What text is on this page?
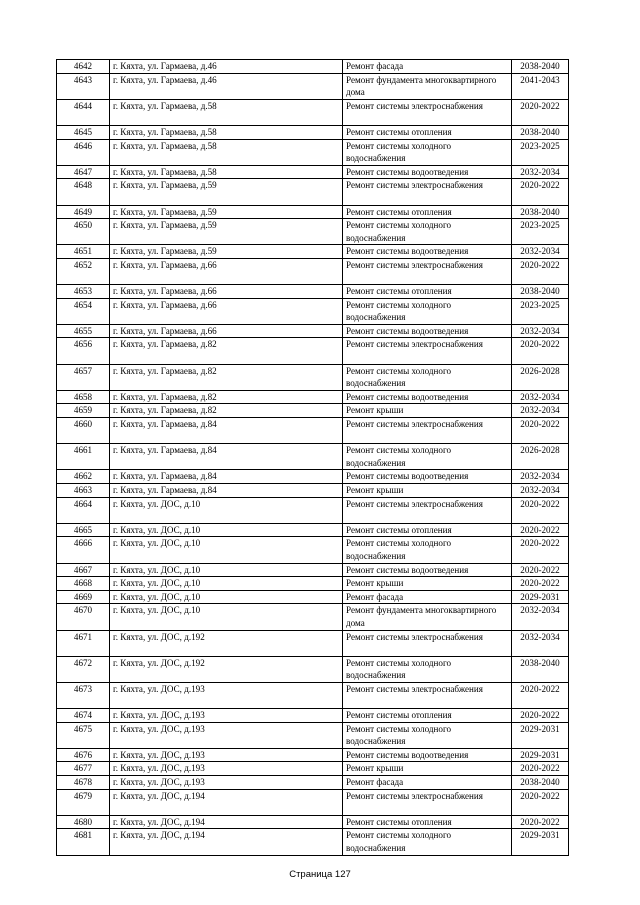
4642	г. Кяхта, ул. Гармаева, д.46	Ремонт фасада	2038-2040
4643	г. Кяхта, ул. Гармаева, д.46	Ремонт фундамента многоквартирного дома	2041-2043
4644	г. Кяхта, ул. Гармаева, д.58	Ремонт системы электроснабжения	2020-2022
4645	г. Кяхта, ул. Гармаева, д.58	Ремонт системы отопления	2038-2040
4646	г. Кяхта, ул. Гармаева, д.58	Ремонт системы холодного водоснабжения	2023-2025
4647	г. Кяхта, ул. Гармаева, д.58	Ремонт системы водоотведения	2032-2034
4648	г. Кяхта, ул. Гармаева, д.59	Ремонт системы электроснабжения	2020-2022
4649	г. Кяхта, ул. Гармаева, д.59	Ремонт системы отопления	2038-2040
4650	г. Кяхта, ул. Гармаева, д.59	Ремонт системы холодного водоснабжения	2023-2025
4651	г. Кяхта, ул. Гармаева, д.59	Ремонт системы водоотведения	2032-2034
4652	г. Кяхта, ул. Гармаева, д.66	Ремонт системы электроснабжения	2020-2022
4653	г. Кяхта, ул. Гармаева, д.66	Ремонт системы отопления	2038-2040
4654	г. Кяхта, ул. Гармаева, д.66	Ремонт системы холодного водоснабжения	2023-2025
4655	г. Кяхта, ул. Гармаева, д.66	Ремонт системы водоотведения	2032-2034
4656	г. Кяхта, ул. Гармаева, д.82	Ремонт системы электроснабжения	2020-2022
4657	г. Кяхта, ул. Гармаева, д.82	Ремонт системы холодного водоснабжения	2026-2028
4658	г. Кяхта, ул. Гармаева, д.82	Ремонт системы водоотведения	2032-2034
4659	г. Кяхта, ул. Гармаева, д.82	Ремонт крыши	2032-2034
4660	г. Кяхта, ул. Гармаева, д.84	Ремонт системы электроснабжения	2020-2022
4661	г. Кяхта, ул. Гармаева, д.84	Ремонт системы холодного водоснабжения	2026-2028
4662	г. Кяхта, ул. Гармаева, д.84	Ремонт системы водоотведения	2032-2034
4663	г. Кяхта, ул. Гармаева, д.84	Ремонт крыши	2032-2034
4664	г. Кяхта, ул. ДОС, д.10	Ремонт системы электроснабжения	2020-2022
4665	г. Кяхта, ул. ДОС, д.10	Ремонт системы отопления	2020-2022
4666	г. Кяхта, ул. ДОС, д.10	Ремонт системы холодного водоснабжения	2020-2022
4667	г. Кяхта, ул. ДОС, д.10	Ремонт системы водоотведения	2020-2022
4668	г. Кяхта, ул. ДОС, д.10	Ремонт крыши	2020-2022
4669	г. Кяхта, ул. ДОС, д.10	Ремонт фасада	2029-2031
4670	г. Кяхта, ул. ДОС, д.10	Ремонт фундамента многоквартирного дома	2032-2034
4671	г. Кяхта, ул. ДОС, д.192	Ремонт системы электроснабжения	2032-2034
4672	г. Кяхта, ул. ДОС, д.192	Ремонт системы холодного водоснабжения	2038-2040
4673	г. Кяхта, ул. ДОС, д.193	Ремонт системы электроснабжения	2020-2022
4674	г. Кяхта, ул. ДОС, д.193	Ремонт системы отопления	2020-2022
4675	г. Кяхта, ул. ДОС, д.193	Ремонт системы холодного водоснабжения	2029-2031
4676	г. Кяхта, ул. ДОС, д.193	Ремонт системы водоотведения	2029-2031
4677	г. Кяхта, ул. ДОС, д.193	Ремонт крыши	2020-2022
4678	г. Кяхта, ул. ДОС, д.193	Ремонт фасада	2038-2040
4679	г. Кяхта, ул. ДОС, д.194	Ремонт системы электроснабжения	2020-2022
4680	г. Кяхта, ул. ДОС, д.194	Ремонт системы отопления	2020-2022
4681	г. Кяхта, ул. ДОС, д.194	Ремонт системы холодного водоснабжения	2029-2031
Страница 127
